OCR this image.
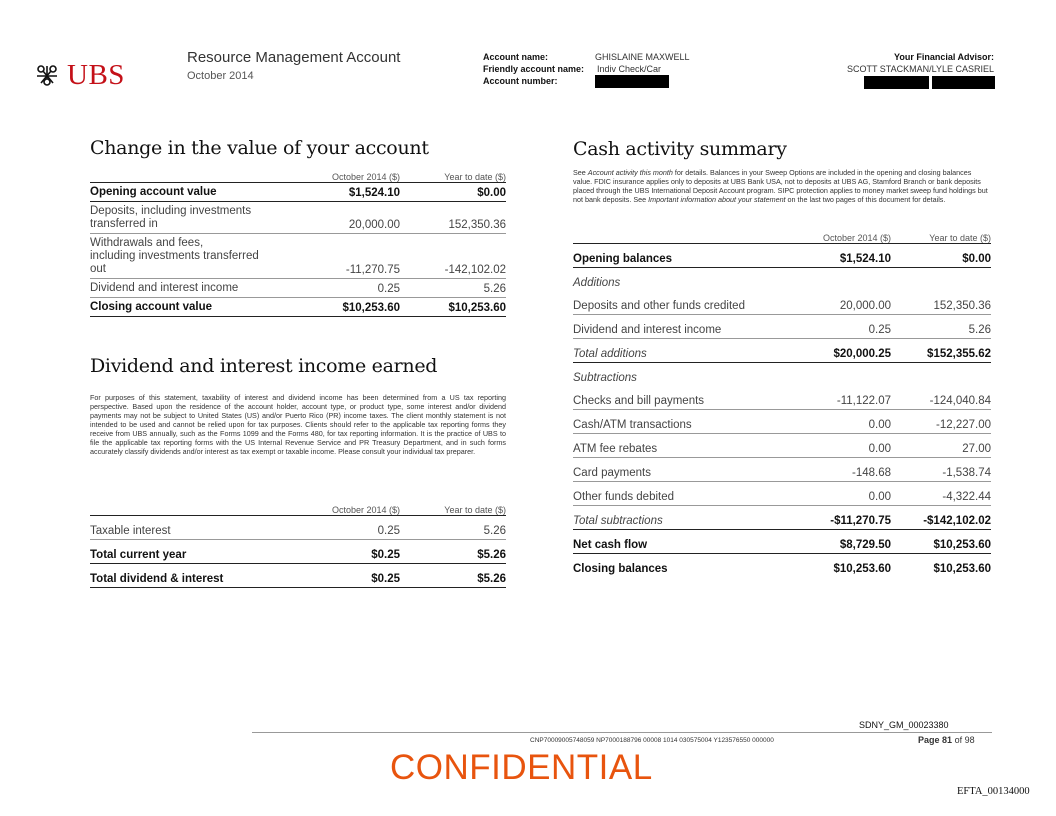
UBS
Resource Management Account
October 2014
Account name:	GHISLAINE MAXWELL
Friendly account name: Indiv Check/Car
Account number:
Your Financial Advisor:
SCOTT STACKMAN/LYLE CASRIEL
Change in the value of your account
	October 2014 ($)	Year to date ($)
Opening account value	$1,524.10	$0.00
Deposits, including investments
transferred in	20,000.00	152,350.36
Withdrawals and fees,
including investments transferred
out	-11,270.75	-142,102.02
Dividend and interest income	0.25	5.26
Closing account value	$10,253.60	$10,253.60
Dividend and interest income earned
For purposes of this statement, taxability of interest and dividend income has been determined from a US tax reporting perspective. Based upon the residence of the account holder, account type, or product type, some interest and/or dividend payments may not be subject to United States (US) and/or Puerto Rico (PR) income taxes. The client monthly statement is not intended to be used and cannot be relied upon for tax purposes. Clients should refer to the applicable tax reporting forms they receive from UBS annually, such as the Forms 1099 and the Forms 480, for tax reporting information. It is the practice of UBS to file the applicable tax reporting forms with the US Internal Revenue Service and PR Treasury Department, and in such forms accurately classify dividends and/or interest as tax exempt or taxable income. Please consult your individual tax preparer.
	October 2014 ($)	Year to date ($)
Taxable interest	0.25	5.26
Total current year	$0.25	$5.26
Total dividend & interest	$0.25	$5.26
Cash activity summary
See Account activity this month for details. Balances in your Sweep Options are included in the opening and closing balances value. FDIC insurance applies only to deposits at UBS Bank USA, not to deposits at UBS AG, Stamford Branch or bank deposits placed through the UBS International Deposit Account program. SIPC protection applies to money market sweep fund holdings but not bank deposits. See Important information about your statement on the last two pages of this document for details.
	October 2014 ($)	Year to date ($)
Opening balances	$1,524.10	$0.00
Additions		
Deposits and other funds credited	20,000.00	152,350.36
Dividend and interest income	0.25	5.26
Total additions	$20,000.25	$152,355.62
Subtractions		
Checks and bill payments	-11,122.07	-124,040.84
Cash/ATM transactions	0.00	-12,227.00
ATM fee rebates	0.00	27.00
Card payments	-148.68	-1,538.74
Other funds debited	0.00	-4,322.44
Total subtractions	-$11,270.75	-$142,102.02
Net cash flow	$8,729.50	$10,253.60
Closing balances	$10,253.60	$10,253.60
SDNY_GM_00023380
CNP70009005748059 NP7000188796 00008 1014 030575004 Y123576550 000000	Page 81 of 98
CONFIDENTIAL
EFTA_00134000
